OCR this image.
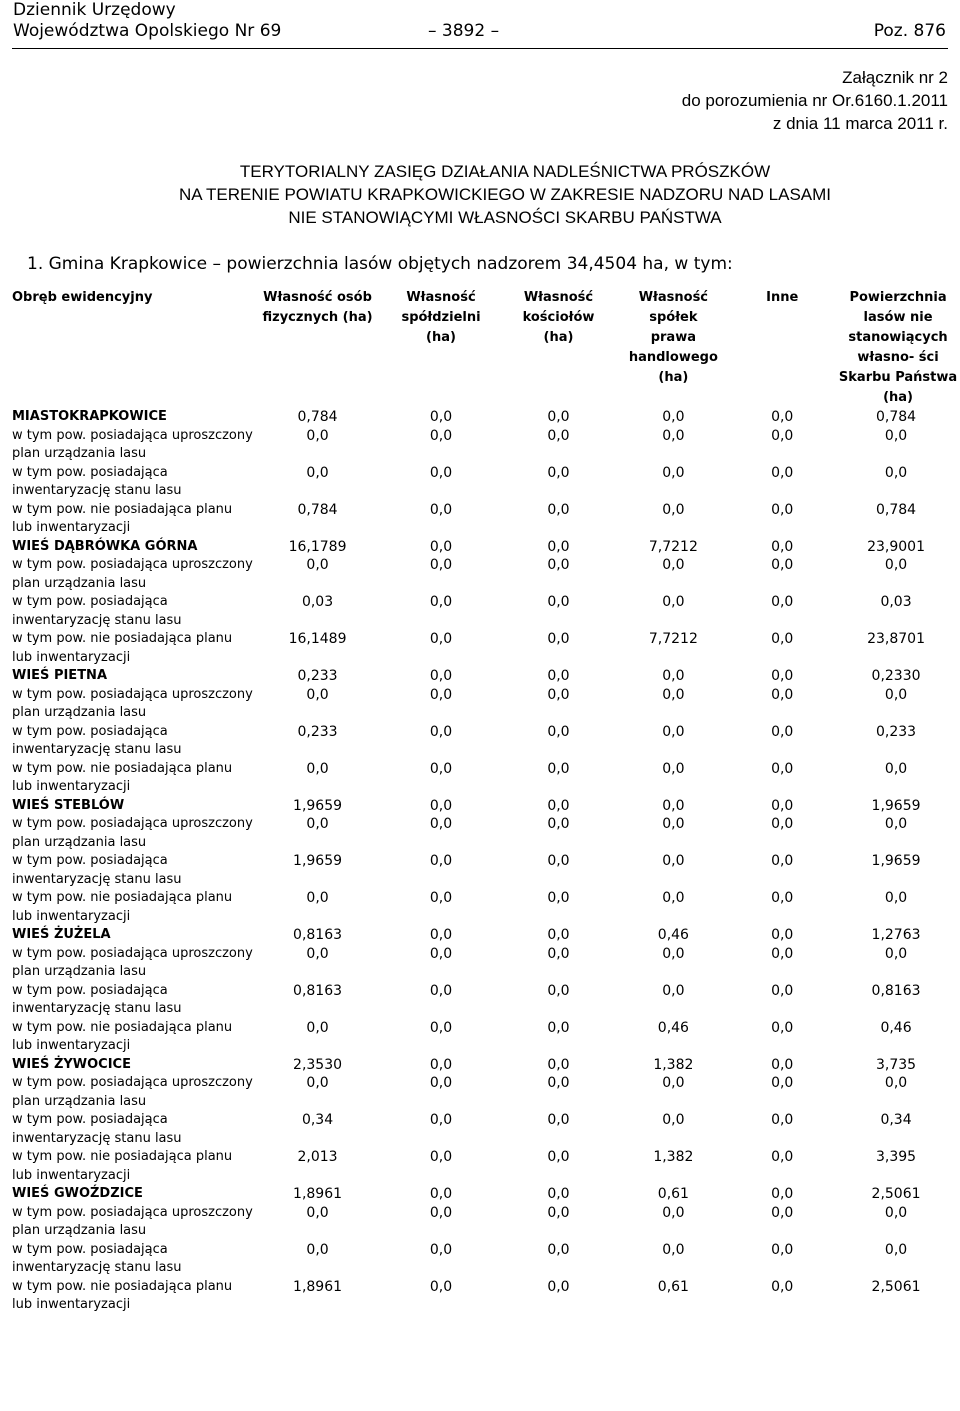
Dziennik Urzędowy
Województwa Opolskiego Nr 69	– 3892 –	Poz. 876
Załącznik nr 2
do porozumienia nr Or.6160.1.2011
z dnia 11 marca 2011 r.
TERYTORIALNY ZASIĘG DZIAŁANIA NADLEŚNICTWA PRÓSZKÓW
NA TERENIE POWIATU KRAPKOWICKIEGO W ZAKRESIE NADZORU NAD LASAMI
NIE STANOWIĄCYMI WŁASNOŚCI SKARBU PAŃSTWA
1. Gmina Krapkowice – powierzchnia lasów objętych nadzorem 34,4504 ha, w tym:
Obręb ewidencyjny	Własność osób fizycznych (ha)	Własność spółdzielni (ha)	Własność kościołów (ha)	Własność spółek prawa handlowego (ha)	Inne	Powierzchnia lasów nie stanowiących własno- ści Skarbu Państwa (ha)
MIASTOKRAPKOWICE	0,784	0,0	0,0	0,0	0,0	0,784
w tym pow. posiadająca uproszczony plan urządzania lasu	0,0	0,0	0,0	0,0	0,0	0,0
w tym pow. posiadająca inwentaryzację stanu lasu	0,0	0,0	0,0	0,0	0,0	0,0
w tym pow. nie posiadająca planu lub inwentaryzacji	0,784	0,0	0,0	0,0	0,0	0,784
WIEŚ DĄBRÓWKA GÓRNA	16,1789	0,0	0,0	7,7212	0,0	23,9001
w tym pow. posiadająca uproszczony plan urządzania lasu	0,0	0,0	0,0	0,0	0,0	0,0
w tym pow. posiadająca inwentaryzację stanu lasu	0,03	0,0	0,0	0,0	0,0	0,03
w tym pow. nie posiadająca planu lub inwentaryzacji	16,1489	0,0	0,0	7,7212	0,0	23,8701
WIEŚ PIETNA	0,233	0,0	0,0	0,0	0,0	0,2330
w tym pow. posiadająca uproszczony plan urządzania lasu	0,0	0,0	0,0	0,0	0,0	0,0
w tym pow. posiadająca inwentaryzację stanu lasu	0,233	0,0	0,0	0,0	0,0	0,233
w tym pow. nie posiadająca planu lub inwentaryzacji	0,0	0,0	0,0	0,0	0,0	0,0
WIEŚ STEBLÓW	1,9659	0,0	0,0	0,0	0,0	1,9659
w tym pow. posiadająca uproszczony plan urządzania lasu	0,0	0,0	0,0	0,0	0,0	0,0
w tym pow. posiadająca inwentaryzację stanu lasu	1,9659	0,0	0,0	0,0	0,0	1,9659
w tym pow. nie posiadająca planu lub inwentaryzacji	0,0	0,0	0,0	0,0	0,0	0,0
WIEŚ ŻUŻELA	0,8163	0,0	0,0	0,46	0,0	1,2763
w tym pow. posiadająca uproszczony plan urządzania lasu	0,0	0,0	0,0	0,0	0,0	0,0
w tym pow. posiadająca inwentaryzację stanu lasu	0,8163	0,0	0,0	0,0	0,0	0,8163
w tym pow. nie posiadająca planu lub inwentaryzacji	0,0	0,0	0,0	0,46	0,0	0,46
WIEŚ ŻYWOCICE	2,3530	0,0	0,0	1,382	0,0	3,735
w tym pow. posiadająca uproszczony plan urządzania lasu	0,0	0,0	0,0	0,0	0,0	0,0
w tym pow. posiadająca inwentaryzację stanu lasu	0,34	0,0	0,0	0,0	0,0	0,34
w tym pow. nie posiadająca planu lub inwentaryzacji	2,013	0,0	0,0	1,382	0,0	3,395
WIEŚ GWOŹDZICE	1,8961	0,0	0,0	0,61	0,0	2,5061
w tym pow. posiadająca uproszczony plan urządzania lasu	0,0	0,0	0,0	0,0	0,0	0,0
w tym pow. posiadająca inwentaryzację stanu lasu	0,0	0,0	0,0	0,0	0,0	0,0
w tym pow. nie posiadająca planu lub inwentaryzacji	1,8961	0,0	0,0	0,61	0,0	2,5061
